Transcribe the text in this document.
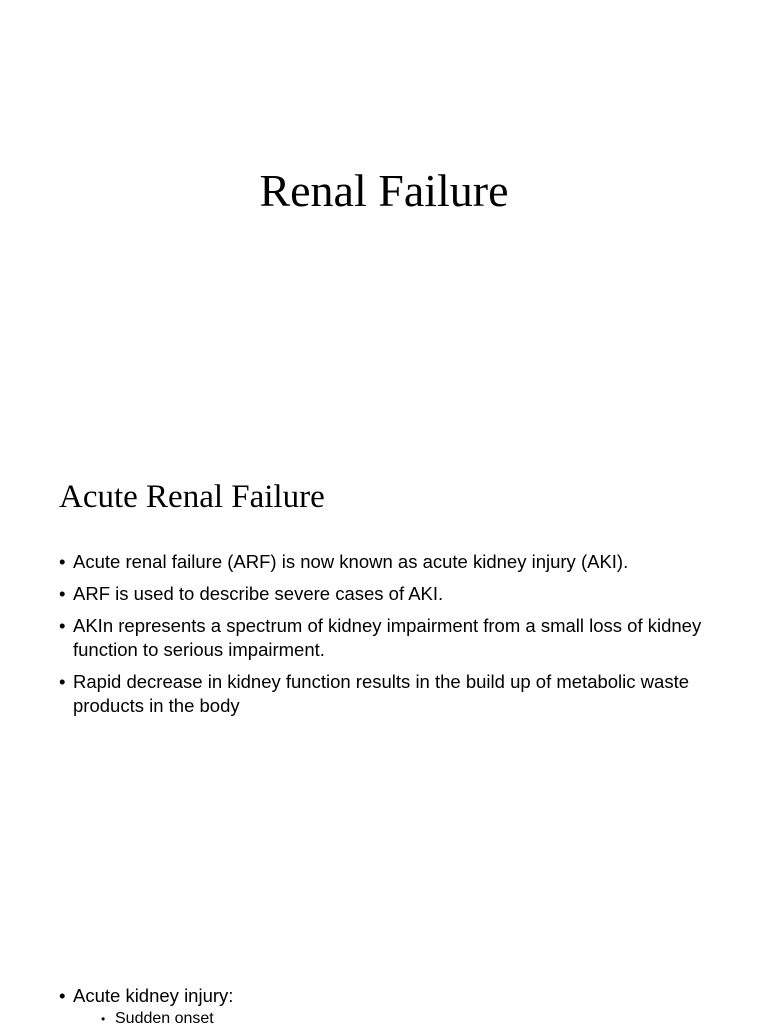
Renal Failure
Acute Renal Failure
• Acute renal failure (ARF) is now known as acute kidney injury (AKI).
• ARF is used to describe severe cases of AKI.
• AKIn represents a spectrum of kidney impairment from a small loss of kidney function to serious impairment.
• Rapid decrease in kidney function results in the build up of metabolic waste products in the body
• Acute kidney injury:
• Sudden onset
